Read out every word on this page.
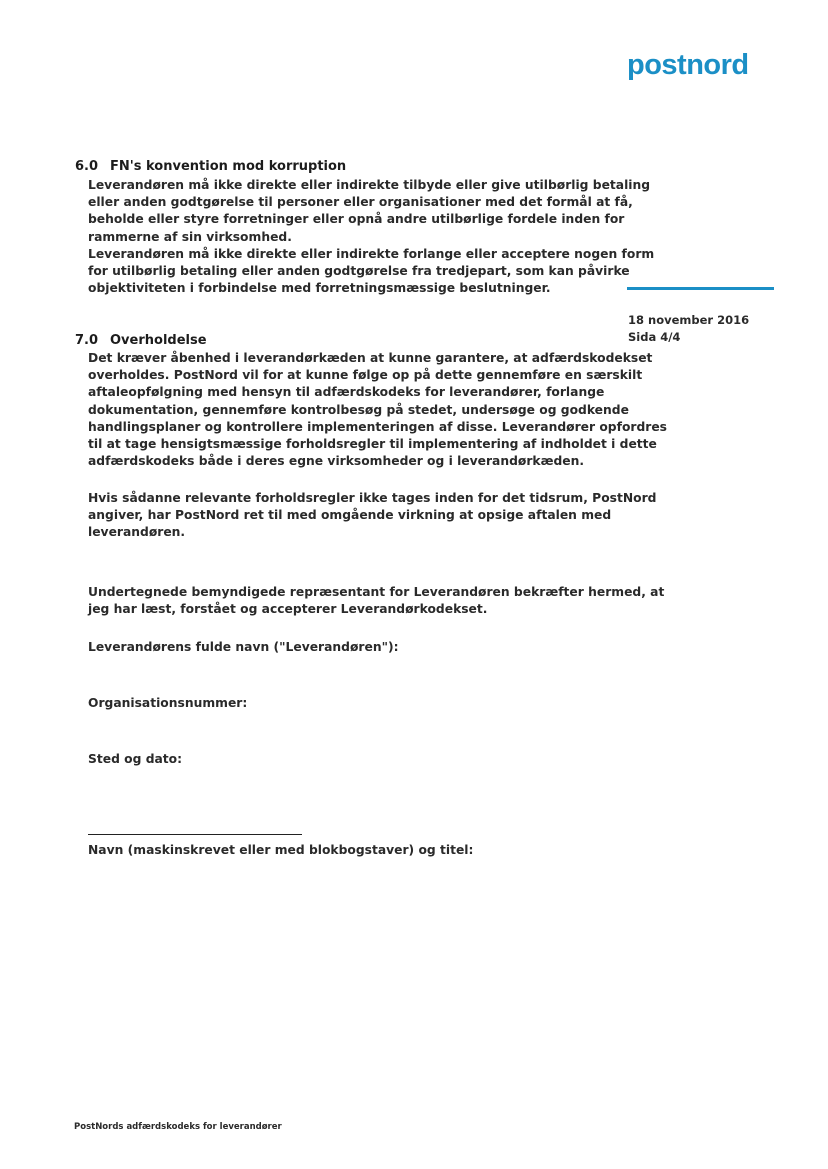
postnord
18 november 2016
Sida 4/4
6.0 FN's konvention mod korruption

Leverandøren må ikke direkte eller indirekte tilbyde eller give utilbørlig betaling

eller anden godtgørelse til personer eller organisationer med det formål at få,

beholde eller styre forretninger eller opnå andre utilbørlige fordele inden for

rammerne af sin virksomhed.

Leverandøren må ikke direkte eller indirekte forlange eller acceptere nogen form

for utilbørlig betaling eller anden godtgørelse fra tredjepart, som kan påvirke

objektiviteten i forbindelse med forretningsmæssige beslutninger.

7.0 Overholdelse

Det kræver åbenhed i leverandørkæden at kunne garantere, at adfærdskodekset

overholdes. PostNord vil for at kunne følge op på dette gennemføre en særskilt

aftaleopfølgning med hensyn til adfærdskodeks for leverandører, forlange

dokumentation, gennemføre kontrolbesøg på stedet, undersøge og godkende

handlingsplaner og kontrollere implementeringen af disse. Leverandører opfordres

til at tage hensigtsmæssige forholdsregler til implementering af indholdet i dette

adfærdskodeks både i deres egne virksomheder og i leverandørkæden.

Hvis sådanne relevante forholdsregler ikke tages inden for det tidsrum, PostNord

angiver, har PostNord ret til med omgående virkning at opsige aftalen med

leverandøren.

Undertegnede bemyndigede repræsentant for Leverandøren bekræfter hermed, at

jeg har læst, forstået og accepterer Leverandørkodekset.

Leverandørens fulde navn ("Leverandøren"):
Organisationsnummer:
Sted og dato:
Navn (maskinskrevet eller med blokbogstaver) og titel:
PostNords adfærdskodeks for leverandører
